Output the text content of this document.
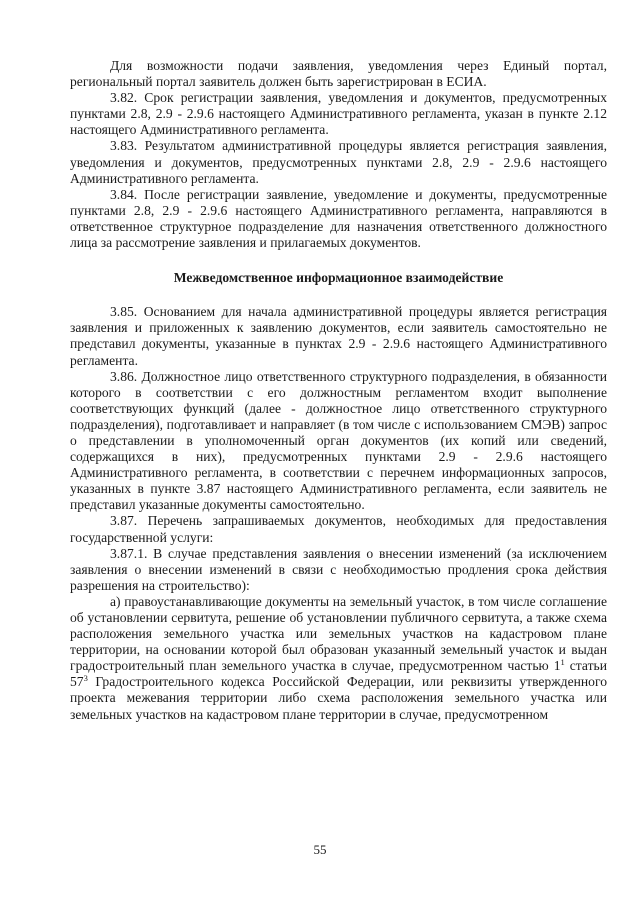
Для возможности подачи заявления, уведомления через Единый портал, региональный портал заявитель должен быть зарегистрирован в ЕСИА.

3.82. Срок регистрации заявления, уведомления и документов, предусмотренных пунктами 2.8, 2.9 - 2.9.6 настоящего Административного регламента, указан в пункте 2.12 настоящего Административного регламента.

3.83. Результатом административной процедуры является регистрация заявления, уведомления и документов, предусмотренных пунктами 2.8, 2.9 - 2.9.6 настоящего Административного регламента.

3.84. После регистрации заявление, уведомление и документы, предусмотренные пунктами 2.8, 2.9 - 2.9.6 настоящего Административного регламента, направляются в ответственное структурное подразделение для назначения ответственного должностного лица за рассмотрение заявления и прилагаемых документов.

Межведомственное информационное взаимодействие

3.85. Основанием для начала административной процедуры является регистрация заявления и приложенных к заявлению документов, если заявитель самостоятельно не представил документы, указанные в пунктах 2.9 - 2.9.6 настоящего Административного регламента.

3.86. Должностное лицо ответственного структурного подразделения, в обязанности которого в соответствии с его должностным регламентом входит выполнение соответствующих функций (далее - должностное лицо ответственного структурного подразделения), подготавливает и направляет (в том числе с использованием СМЭВ) запрос о представлении в уполномоченный орган документов (их копий или сведений, содержащихся в них), предусмотренных пунктами 2.9 - 2.9.6 настоящего Административного регламента, в соответствии с перечнем информационных запросов, указанных в пункте 3.87 настоящего Административного регламента, если заявитель не представил указанные документы самостоятельно.

3.87. Перечень запрашиваемых документов, необходимых для предоставления государственной услуги:

3.87.1. В случае представления заявления о внесении изменений (за исключением заявления о внесении изменений в связи с необходимостью продления срока действия разрешения на строительство):

а) правоустанавливающие документы на земельный участок, в том числе соглашение об установлении сервитута, решение об установлении публичного сервитута, а также схема расположения земельного участка или земельных участков на кадастровом плане территории, на основании которой был образован указанный земельный участок и выдан градостроительный план земельного участка в случае, предусмотренном частью $1^1$ статьи $57^3$ Градостроительного кодекса Российской Федерации, или реквизиты утвержденного проекта межевания территории либо схема расположения земельного участка или земельных участков на кадастровом плане территории в случае, предусмотренном

55
